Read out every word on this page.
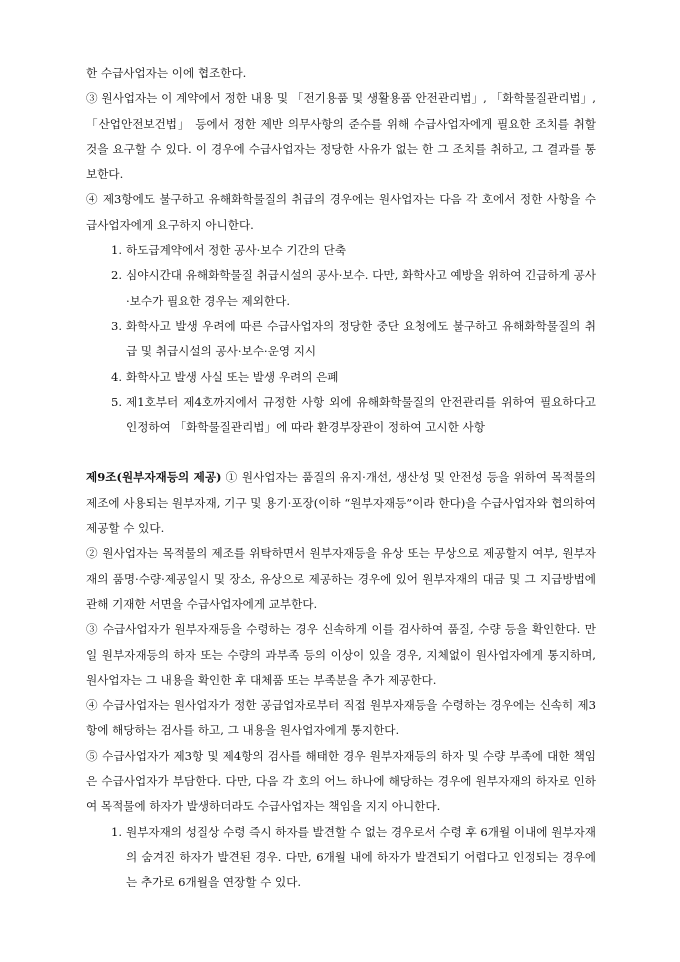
한 수급사업자는 이에 협조한다.

③ 원사업자는 이 계약에서 정한 내용 및 「전기용품 및 생활용품 안전관리법」, 「화학물질관리법」, 「산업안전보건법」 등에서 정한 제반 의무사항의 준수를 위해 수급사업자에게 필요한 조치를 취할 것을 요구할 수 있다. 이 경우에 수급사업자는 정당한 사유가 없는 한 그 조치를 취하고, 그 결과를 통보한다.

④ 제3항에도 불구하고 유해화학물질의 취급의 경우에는 원사업자는 다음 각 호에서 정한 사항을 수급사업자에게 요구하지 아니한다.

1. 하도급계약에서 정한 공사·보수 기간의 단축
2. 심야시간대 유해화학물질 취급시설의 공사·보수. 다만, 화학사고 예방을 위하여 긴급하게 공사·보수가 필요한 경우는 제외한다.
3. 화학사고 발생 우려에 따른 수급사업자의 정당한 중단 요청에도 불구하고 유해화학물질의 취급 및 취급시설의 공사·보수·운영 지시
4. 화학사고 발생 사실 또는 발생 우려의 은폐
5. 제1호부터 제4호까지에서 규정한 사항 외에 유해화학물질의 안전관리를 위하여 필요하다고 인정하여 「화학물질관리법」에 따라 환경부장관이 정하여 고시한 사항

제9조(원부자재등의 제공) ① 원사업자는 품질의 유지·개선, 생산성 및 안전성 등을 위하여 목적물의 제조에 사용되는 원부자재, 기구 및 용기·포장(이하 “원부자재등”이라 한다)을 수급사업자와 협의하여 제공할 수 있다.

② 원사업자는 목적물의 제조를 위탁하면서 원부자재등을 유상 또는 무상으로 제공할지 여부, 원부자재의 품명·수량·제공일시 및 장소, 유상으로 제공하는 경우에 있어 원부자재의 대금 및 그 지급방법에 관해 기재한 서면을 수급사업자에게 교부한다.

③ 수급사업자가 원부자재등을 수령하는 경우 신속하게 이를 검사하여 품질, 수량 등을 확인한다. 만일 원부자재등의 하자 또는 수량의 과부족 등의 이상이 있을 경우, 지체없이 원사업자에게 통지하며, 원사업자는 그 내용을 확인한 후 대체품 또는 부족분을 추가 제공한다.

④ 수급사업자는 원사업자가 정한 공급업자로부터 직접 원부자재등을 수령하는 경우에는 신속히 제3항에 해당하는 검사를 하고, 그 내용을 원사업자에게 통지한다.

⑤ 수급사업자가 제3항 및 제4항의 검사를 해태한 경우 원부자재등의 하자 및 수량 부족에 대한 책임은 수급사업자가 부담한다. 다만, 다음 각 호의 어느 하나에 해당하는 경우에 원부자재의 하자로 인하여 목적물에 하자가 발생하더라도 수급사업자는 책임을 지지 아니한다.

1. 원부자재의 성질상 수령 즉시 하자를 발견할 수 없는 경우로서 수령 후 6개월 이내에 원부자재의 숨겨진 하자가 발견된 경우. 다만, 6개월 내에 하자가 발견되기 어렵다고 인정되는 경우에는 추가로 6개월을 연장할 수 있다.
